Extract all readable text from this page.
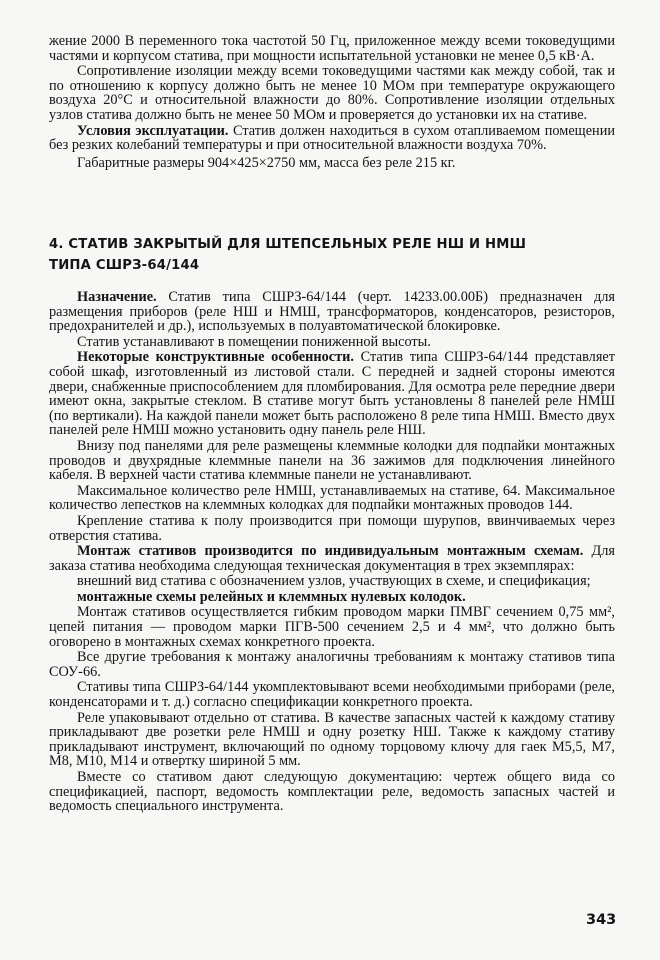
жение 2000 В переменного тока частотой 50 Гц, приложенное между всеми токоведущими частями и корпусом статива, при мощности испытательной установки не менее 0,5 кВ·А.

Сопротивление изоляции между всеми токоведущими частями как между собой, так и по отношению к корпусу должно быть не менее 10 МОм при температуре окружающего воздуха 20°С и относительной влажности до 80%. Сопротивление изоляции отдельных узлов статива должно быть не менее 50 МОм и проверяется до установки их на стативе.

Условия эксплуатации. Статив должен находиться в сухом отапливаемом помещении без резких колебаний температуры и при относительной влажности воздуха 70%.

Габаритные размеры 904×425×2750 мм, масса без реле 215 кг.

4. СТАТИВ ЗАКРЫТЫЙ ДЛЯ ШТЕПСЕЛЬНЫХ РЕЛЕ НШ И НМШ
ТИПА СШРЗ-64/144

Назначение. Статив типа СШРЗ-64/144 (черт. 14233.00.00Б) предназначен для размещения приборов (реле НШ и НМШ, трансформаторов, конденсаторов, резисторов, предохранителей и др.), используемых в полуавтоматической блокировке.

Статив устанавливают в помещении пониженной высоты.

Некоторые конструктивные особенности. Статив типа СШРЗ-64/144 представляет собой шкаф, изготовленный из листовой стали. С передней и задней стороны имеются двери, снабженные приспособлением для пломбирования. Для осмотра реле передние двери имеют окна, закрытые стеклом. В стативе могут быть установлены 8 панелей реле НМШ (по вертикали). На каждой панели может быть расположено 8 реле типа НМШ. Вместо двух панелей реле НМШ можно установить одну панель реле НШ.

Внизу под панелями для реле размещены клеммные колодки для подпайки монтажных проводов и двухрядные клеммные панели на 36 зажимов для подключения линейного кабеля. В верхней части статива клеммные панели не устанавливают.

Максимальное количество реле НМШ, устанавливаемых на стативе, 64. Максимальное количество лепестков на клеммных колодках для подпайки монтажных проводов 144.

Крепление статива к полу производится при помощи шурупов, ввинчиваемых через отверстия статива.

Монтаж стативов производится по индивидуальным монтажным схемам. Для заказа статива необходима следующая техническая документация в трех экземплярах:

внешний вид статива с обозначением узлов, участвующих в схеме, и спецификация;

монтажные схемы релейных и клеммных нулевых колодок.

Монтаж стативов осуществляется гибким проводом марки ПМВГ сечением 0,75 мм², цепей питания — проводом марки ПГВ-500 сечением 2,5 и 4 мм², что должно быть оговорено в монтажных схемах конкретного проекта.

Все другие требования к монтажу аналогичны требованиям к монтажу стативов типа СОУ-66.

Стативы типа СШРЗ-64/144 укомплектовывают всеми необходимыми приборами (реле, конденсаторами и т. д.) согласно спецификации конкретного проекта.

Реле упаковывают отдельно от статива. В качестве запасных частей к каждому стативу прикладывают две розетки реле НМШ и одну розетку НШ. Также к каждому стативу прикладывают инструмент, включающий по одному торцовому ключу для гаек М5,5, М7, М8, М10, М14 и отвертку шириной 5 мм.

Вместе со стативом дают следующую документацию: чертеж общего вида со спецификацией, паспорт, ведомость комплектации реле, ведомость запасных частей и ведомость специального инструмента.

343
